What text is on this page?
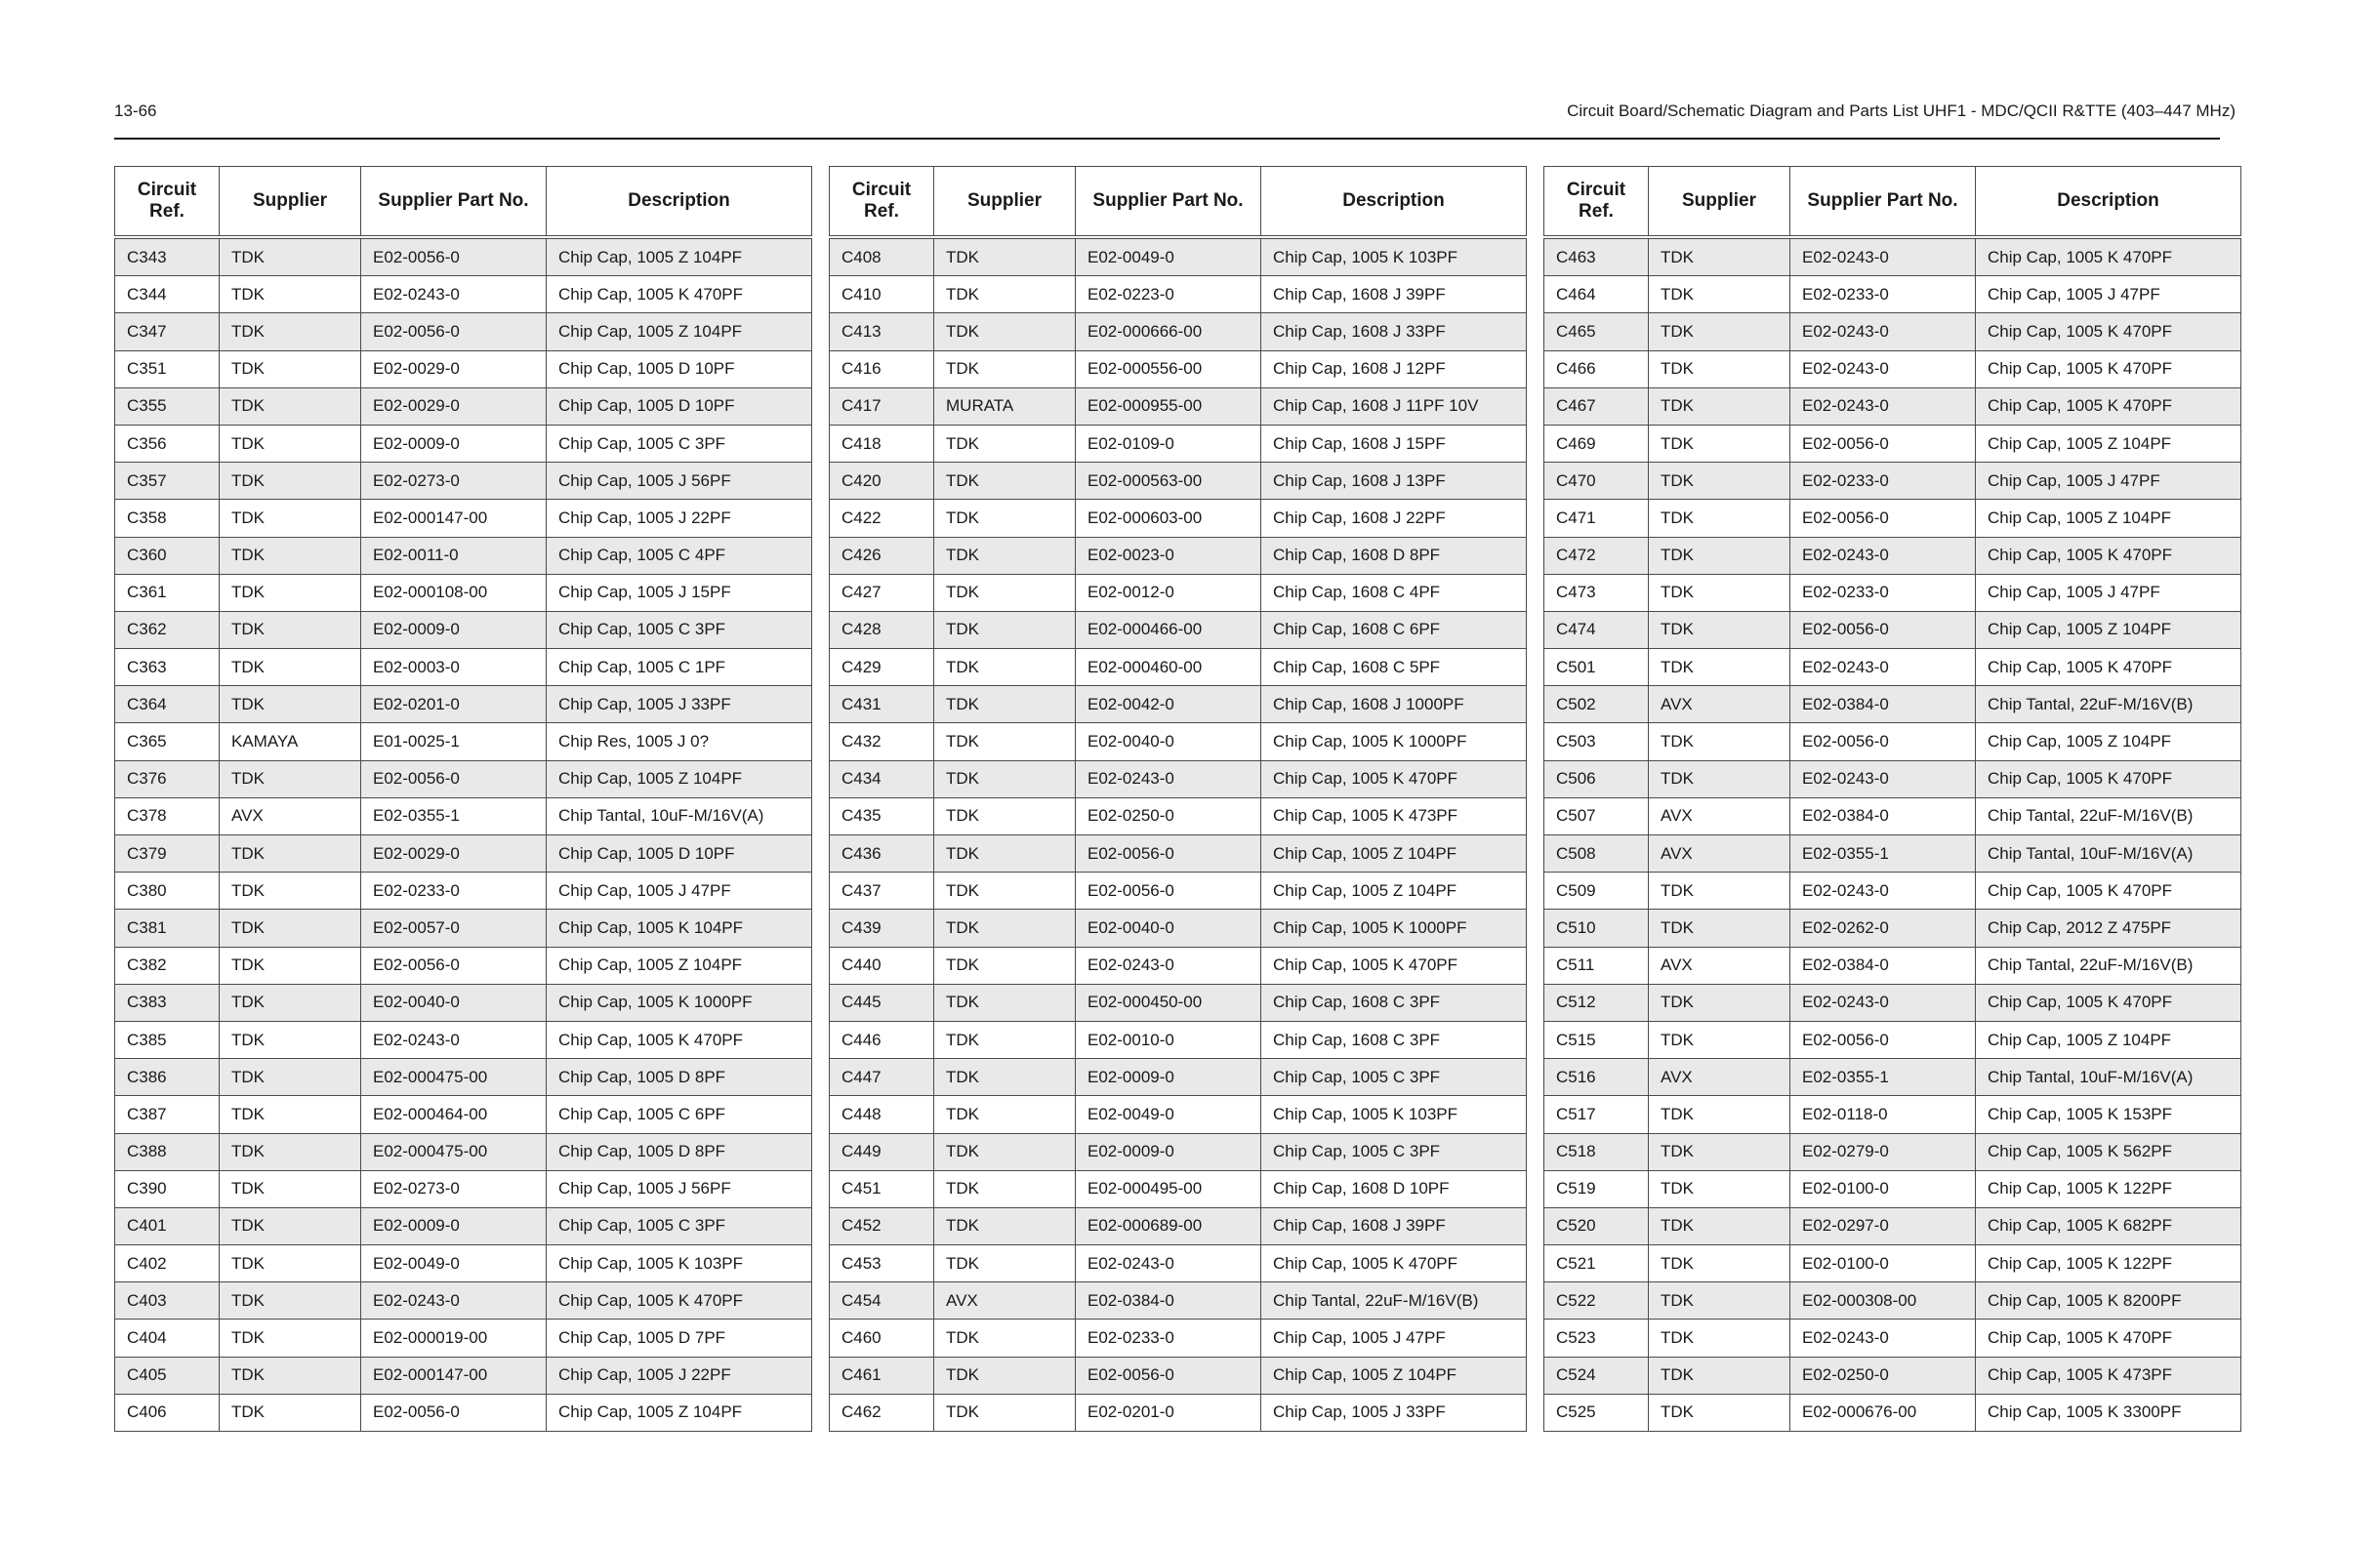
13-66	Circuit Board/Schematic Diagram and Parts List UHF1 - MDC/QCII R&TTE (403–447 MHz)
Circuit Ref.	Supplier	Supplier Part No.	Description
C343	TDK	E02-0056-0	Chip Cap, 1005 Z 104PF
C344	TDK	E02-0243-0	Chip Cap, 1005 K 470PF
C347	TDK	E02-0056-0	Chip Cap, 1005 Z 104PF
C351	TDK	E02-0029-0	Chip Cap, 1005 D 10PF
C355	TDK	E02-0029-0	Chip Cap, 1005 D 10PF
C356	TDK	E02-0009-0	Chip Cap, 1005 C 3PF
C357	TDK	E02-0273-0	Chip Cap, 1005 J 56PF
C358	TDK	E02-000147-00	Chip Cap, 1005 J 22PF
C360	TDK	E02-0011-0	Chip Cap, 1005 C 4PF
C361	TDK	E02-000108-00	Chip Cap, 1005 J 15PF
C362	TDK	E02-0009-0	Chip Cap, 1005 C 3PF
C363	TDK	E02-0003-0	Chip Cap, 1005 C 1PF
C364	TDK	E02-0201-0	Chip Cap, 1005 J 33PF
C365	KAMAYA	E01-0025-1	Chip Res, 1005 J 0?
C376	TDK	E02-0056-0	Chip Cap, 1005 Z 104PF
C378	AVX	E02-0355-1	Chip Tantal, 10uF-M/16V(A)
C379	TDK	E02-0029-0	Chip Cap, 1005 D 10PF
C380	TDK	E02-0233-0	Chip Cap, 1005 J 47PF
C381	TDK	E02-0057-0	Chip Cap, 1005 K 104PF
C382	TDK	E02-0056-0	Chip Cap, 1005 Z 104PF
C383	TDK	E02-0040-0	Chip Cap, 1005 K 1000PF
C385	TDK	E02-0243-0	Chip Cap, 1005 K 470PF
C386	TDK	E02-000475-00	Chip Cap, 1005 D 8PF
C387	TDK	E02-000464-00	Chip Cap, 1005 C 6PF
C388	TDK	E02-000475-00	Chip Cap, 1005 D 8PF
C390	TDK	E02-0273-0	Chip Cap, 1005 J 56PF
C401	TDK	E02-0009-0	Chip Cap, 1005 C 3PF
C402	TDK	E02-0049-0	Chip Cap, 1005 K 103PF
C403	TDK	E02-0243-0	Chip Cap, 1005 K 470PF
C404	TDK	E02-000019-00	Chip Cap, 1005 D 7PF
C405	TDK	E02-000147-00	Chip Cap, 1005 J 22PF
C406	TDK	E02-0056-0	Chip Cap, 1005 Z 104PF
Circuit Ref.	Supplier	Supplier Part No.	Description
C408	TDK	E02-0049-0	Chip Cap, 1005 K 103PF
C410	TDK	E02-0223-0	Chip Cap, 1608 J 39PF
C413	TDK	E02-000666-00	Chip Cap, 1608 J 33PF
C416	TDK	E02-000556-00	Chip Cap, 1608 J 12PF
C417	MURATA	E02-000955-00	Chip Cap, 1608 J 11PF 10V
C418	TDK	E02-0109-0	Chip Cap, 1608 J 15PF
C420	TDK	E02-000563-00	Chip Cap, 1608 J 13PF
C422	TDK	E02-000603-00	Chip Cap, 1608 J 22PF
C426	TDK	E02-0023-0	Chip Cap, 1608 D 8PF
C427	TDK	E02-0012-0	Chip Cap, 1608 C 4PF
C428	TDK	E02-000466-00	Chip Cap, 1608 C 6PF
C429	TDK	E02-000460-00	Chip Cap, 1608 C 5PF
C431	TDK	E02-0042-0	Chip Cap, 1608 J 1000PF
C432	TDK	E02-0040-0	Chip Cap, 1005 K 1000PF
C434	TDK	E02-0243-0	Chip Cap, 1005 K 470PF
C435	TDK	E02-0250-0	Chip Cap, 1005 K 473PF
C436	TDK	E02-0056-0	Chip Cap, 1005 Z 104PF
C437	TDK	E02-0056-0	Chip Cap, 1005 Z 104PF
C439	TDK	E02-0040-0	Chip Cap, 1005 K 1000PF
C440	TDK	E02-0243-0	Chip Cap, 1005 K 470PF
C445	TDK	E02-000450-00	Chip Cap, 1608 C 3PF
C446	TDK	E02-0010-0	Chip Cap, 1608 C 3PF
C447	TDK	E02-0009-0	Chip Cap, 1005 C 3PF
C448	TDK	E02-0049-0	Chip Cap, 1005 K 103PF
C449	TDK	E02-0009-0	Chip Cap, 1005 C 3PF
C451	TDK	E02-000495-00	Chip Cap, 1608 D 10PF
C452	TDK	E02-000689-00	Chip Cap, 1608 J 39PF
C453	TDK	E02-0243-0	Chip Cap, 1005 K 470PF
C454	AVX	E02-0384-0	Chip Tantal, 22uF-M/16V(B)
C460	TDK	E02-0233-0	Chip Cap, 1005 J 47PF
C461	TDK	E02-0056-0	Chip Cap, 1005 Z 104PF
C462	TDK	E02-0201-0	Chip Cap, 1005 J 33PF
Circuit Ref.	Supplier	Supplier Part No.	Description
C463	TDK	E02-0243-0	Chip Cap, 1005 K 470PF
C464	TDK	E02-0233-0	Chip Cap, 1005 J 47PF
C465	TDK	E02-0243-0	Chip Cap, 1005 K 470PF
C466	TDK	E02-0243-0	Chip Cap, 1005 K 470PF
C467	TDK	E02-0243-0	Chip Cap, 1005 K 470PF
C469	TDK	E02-0056-0	Chip Cap, 1005 Z 104PF
C470	TDK	E02-0233-0	Chip Cap, 1005 J 47PF
C471	TDK	E02-0056-0	Chip Cap, 1005 Z 104PF
C472	TDK	E02-0243-0	Chip Cap, 1005 K 470PF
C473	TDK	E02-0233-0	Chip Cap, 1005 J 47PF
C474	TDK	E02-0056-0	Chip Cap, 1005 Z 104PF
C501	TDK	E02-0243-0	Chip Cap, 1005 K 470PF
C502	AVX	E02-0384-0	Chip Tantal, 22uF-M/16V(B)
C503	TDK	E02-0056-0	Chip Cap, 1005 Z 104PF
C506	TDK	E02-0243-0	Chip Cap, 1005 K 470PF
C507	AVX	E02-0384-0	Chip Tantal, 22uF-M/16V(B)
C508	AVX	E02-0355-1	Chip Tantal, 10uF-M/16V(A)
C509	TDK	E02-0243-0	Chip Cap, 1005 K 470PF
C510	TDK	E02-0262-0	Chip Cap, 2012 Z 475PF
C511	AVX	E02-0384-0	Chip Tantal, 22uF-M/16V(B)
C512	TDK	E02-0243-0	Chip Cap, 1005 K 470PF
C515	TDK	E02-0056-0	Chip Cap, 1005 Z 104PF
C516	AVX	E02-0355-1	Chip Tantal, 10uF-M/16V(A)
C517	TDK	E02-0118-0	Chip Cap, 1005 K 153PF
C518	TDK	E02-0279-0	Chip Cap, 1005 K 562PF
C519	TDK	E02-0100-0	Chip Cap, 1005 K 122PF
C520	TDK	E02-0297-0	Chip Cap, 1005 K 682PF
C521	TDK	E02-0100-0	Chip Cap, 1005 K 122PF
C522	TDK	E02-000308-00	Chip Cap, 1005 K 8200PF
C523	TDK	E02-0243-0	Chip Cap, 1005 K 470PF
C524	TDK	E02-0250-0	Chip Cap, 1005 K 473PF
C525	TDK	E02-000676-00	Chip Cap, 1005 K 3300PF
